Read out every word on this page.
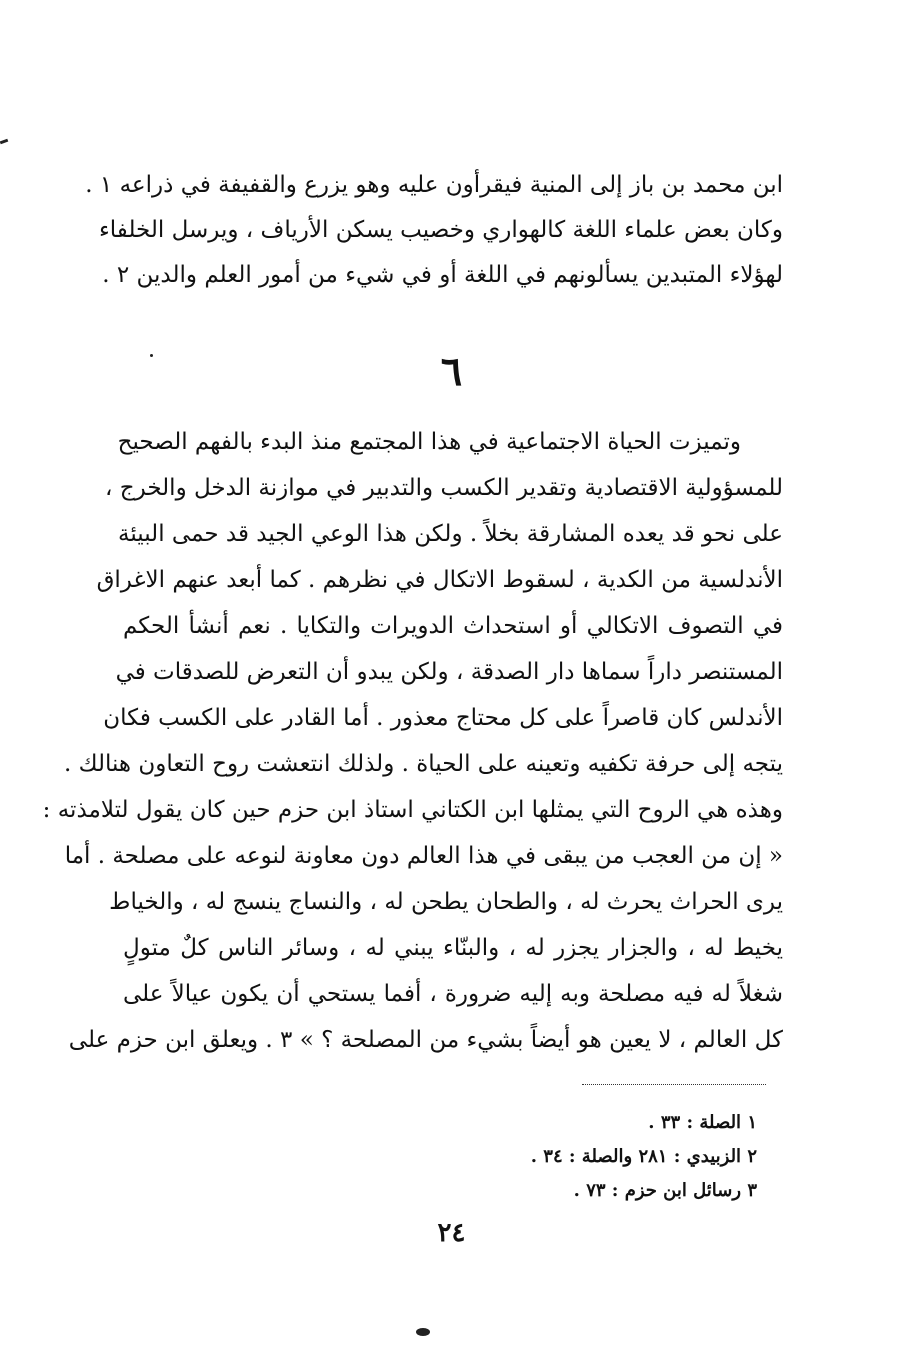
ابن محمد بن باز إلى المنية فيقرأون عليه وهو يزرع والقفيفة في ذراعه ١ .
وكان بعض علماء اللغة كالهواري وخصيب يسكن الأرياف ، ويرسل الخلفاء
لهؤلاء المتبدين يسألونهم في اللغة أو في شيء من أمور العلم والدين ٢ .
٦
وتميزت الحياة الاجتماعية في هذا المجتمع منذ البدء بالفهم الصحيح
للمسؤولية الاقتصادية وتقدير الكسب والتدبير في موازنة الدخل والخرج ،
على نحو قد يعده المشارقة بخلاً . ولكن هذا الوعي الجيد قد حمى البيئة
الأندلسية من الكدية ، لسقوط الاتكال في نظرهم . كما أبعد عنهم الاغراق
في التصوف الاتكالي أو استحداث الدويرات والتكايا . نعم أنشأ الحكم
المستنصر داراً سماها دار الصدقة ، ولكن يبدو أن التعرض للصدقات في
الأندلس كان قاصراً على كل محتاج معذور . أما القادر على الكسب فكان
يتجه إلى حرفة تكفيه وتعينه على الحياة . ولذلك انتعشت روح التعاون هنالك .
وهذه هي الروح التي يمثلها ابن الكتاني استاذ ابن حزم حين كان يقول لتلامذته :
« إن من العجب من يبقى في هذا العالم دون معاونة لنوعه على مصلحة . أما
يرى الحراث يحرث له ، والطحان يطحن له ، والنساج ينسج له ، والخياط
يخيط له ، والجزار يجزر له ، والبنّاء يبني له ، وسائر الناس كلٌ متولٍ
شغلاً له فيه مصلحة وبه إليه ضرورة ، أفما يستحي أن يكون عيالاً على
كل العالم ، لا يعين هو أيضاً بشيء من المصلحة ؟ » ٣ . ويعلق ابن حزم على
١ الصلة : ٣٣ .
٢ الزبيدي : ٢٨١ والصلة : ٣٤ .
٣ رسائل ابن حزم : ٧٣ .
٢٤
